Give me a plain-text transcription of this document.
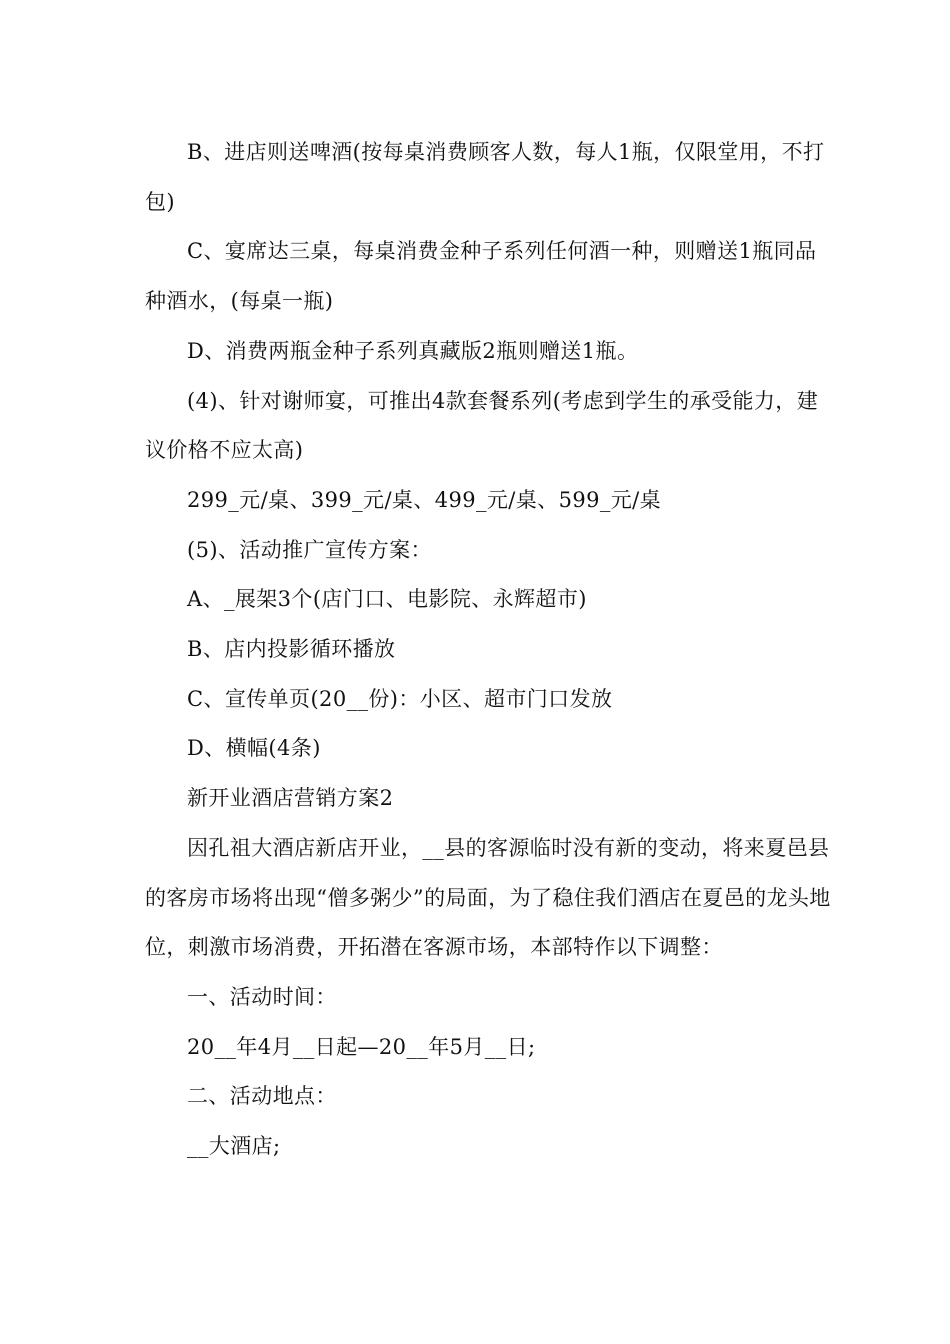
B、进店则送啤酒(按每桌消费顾客人数，每人1瓶，仅限堂用，不打包)

C、宴席达三桌，每桌消费金种子系列任何酒一种，则赠送1瓶同品种酒水，(每桌一瓶)

D、消费两瓶金种子系列真藏版2瓶则赠送1瓶。

(4)、针对谢师宴，可推出4款套餐系列(考虑到学生的承受能力，建议价格不应太高)

299_元/桌、399_元/桌、499_元/桌、599_元/桌

(5)、活动推广宣传方案：

A、_展架3个(店门口、电影院、永辉超市)

B、店内投影循环播放

C、宣传单页(20__份)：小区、超市门口发放

D、横幅(4条)

新开业酒店营销方案2

因孔祖大酒店新店开业，__县的客源临时没有新的变动，将来夏邑县的客房市场将出现“僧多粥少”的局面，为了稳住我们酒店在夏邑的龙头地位，刺激市场消费，开拓潜在客源市场，本部特作以下调整：

一、活动时间：

20__年4月__日起—20__年5月__日;

二、活动地点：

__大酒店;
